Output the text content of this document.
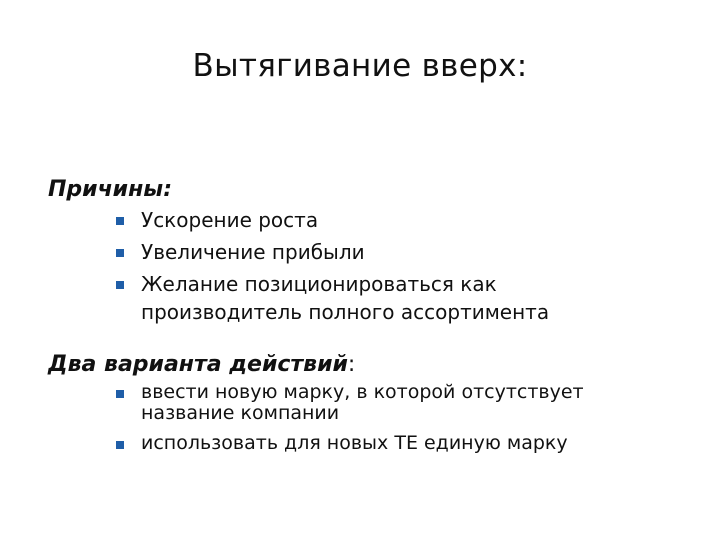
Вытягивание вверх:
Причины:
Ускорение роста
Увеличение прибыли
Желание позиционироваться как производитель полного ассортимента
Два варианта действий:
ввести новую марку, в которой отсутствует название компании
использовать для новых ТЕ единую марку
